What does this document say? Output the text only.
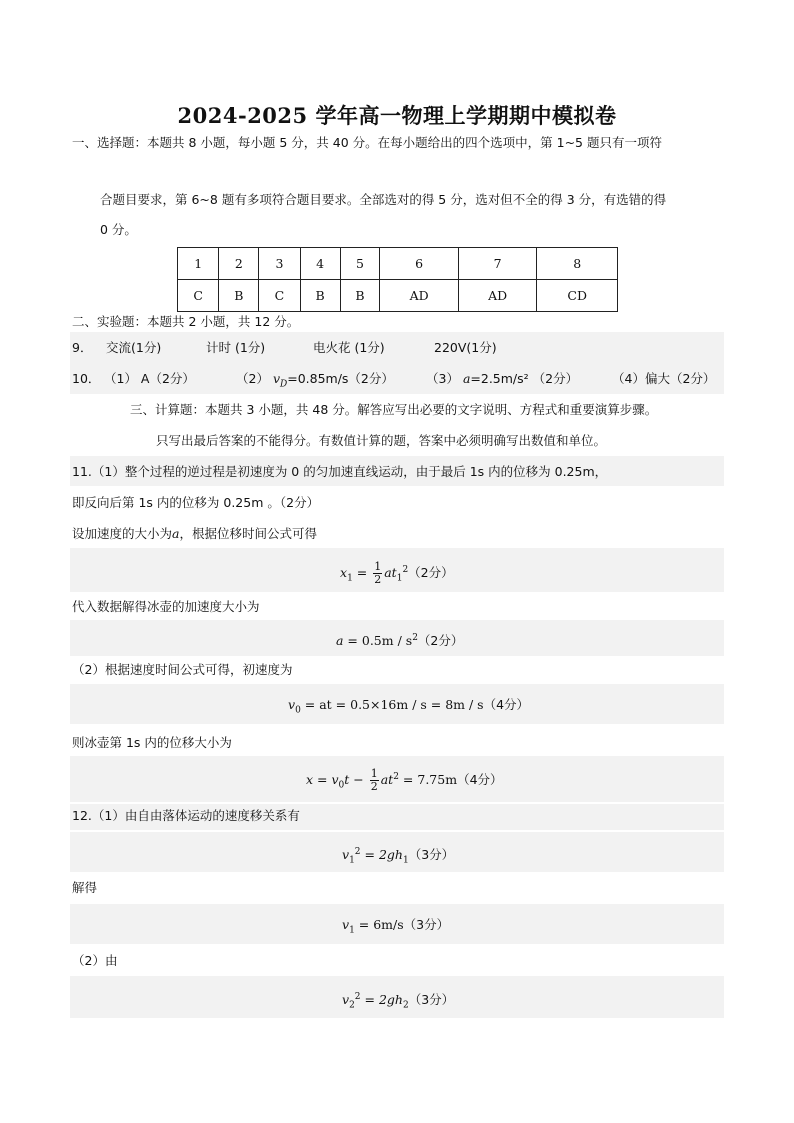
2024-2025 学年高一物理上学期期中模拟卷
一、选择题：本题共 8 小题，每小题 5 分，共 40 分。在每小题给出的四个选项中，第 1~5 题只有一项符
合题目要求，第 6~8 题有多项符合题目要求。全部选对的得 5 分，选对但不全的得 3 分，有选错的得
0 分。
1	2	3	4	5	6	7	8
C	B	C	B	B	AD	AD	CD
二、实验题：本题共 2 小题，共 12 分。
9． 交流(1分)	计时 (1分)	电火花 (1分)	220V(1分)
10． （1） A（2分）	（2） $v_D=0.85m/s(2$分）	（3） a=2.5m/s² （2分）	（4）偏大（2分）
三、计算题：本题共 3 小题，共 48 分。解答应写出必要的文字说明、方程式和重要演算步骤。
只写出最后答案的不能得分。有数值计算的题，答案中必须明确写出数值和单位。
11.（1）整个过程的逆过程是初速度为 0 的匀加速直线运动，由于最后 1s 内的位移为 0.25m，
即反向后第 1s 内的位移为 0.25m 。（2分）
设加速度的大小为a，根据位移时间公式可得
$x_1 = \frac{1}{2} at_1^2(2$分）
代入数据解得冰壶的加速度大小为
$a = 0.5m / s^2(2$分）
（2）根据速度时间公式可得，初速度为
$v_0$ = at = 0.5×16m / s = 8m / s（4分）
则冰壶第 1s 内的位移大小为
$x = v_0t - \frac{1}{2} at^2 = 7.75m(4$分）
12.（1）由自由落体运动的速度移关系有
$v_1^2 = 2gh_1(3$分）
解得
$v_1 = 6m/s(3$分）
（2）由
$v_2^2 = 2gh_2(3$分）
